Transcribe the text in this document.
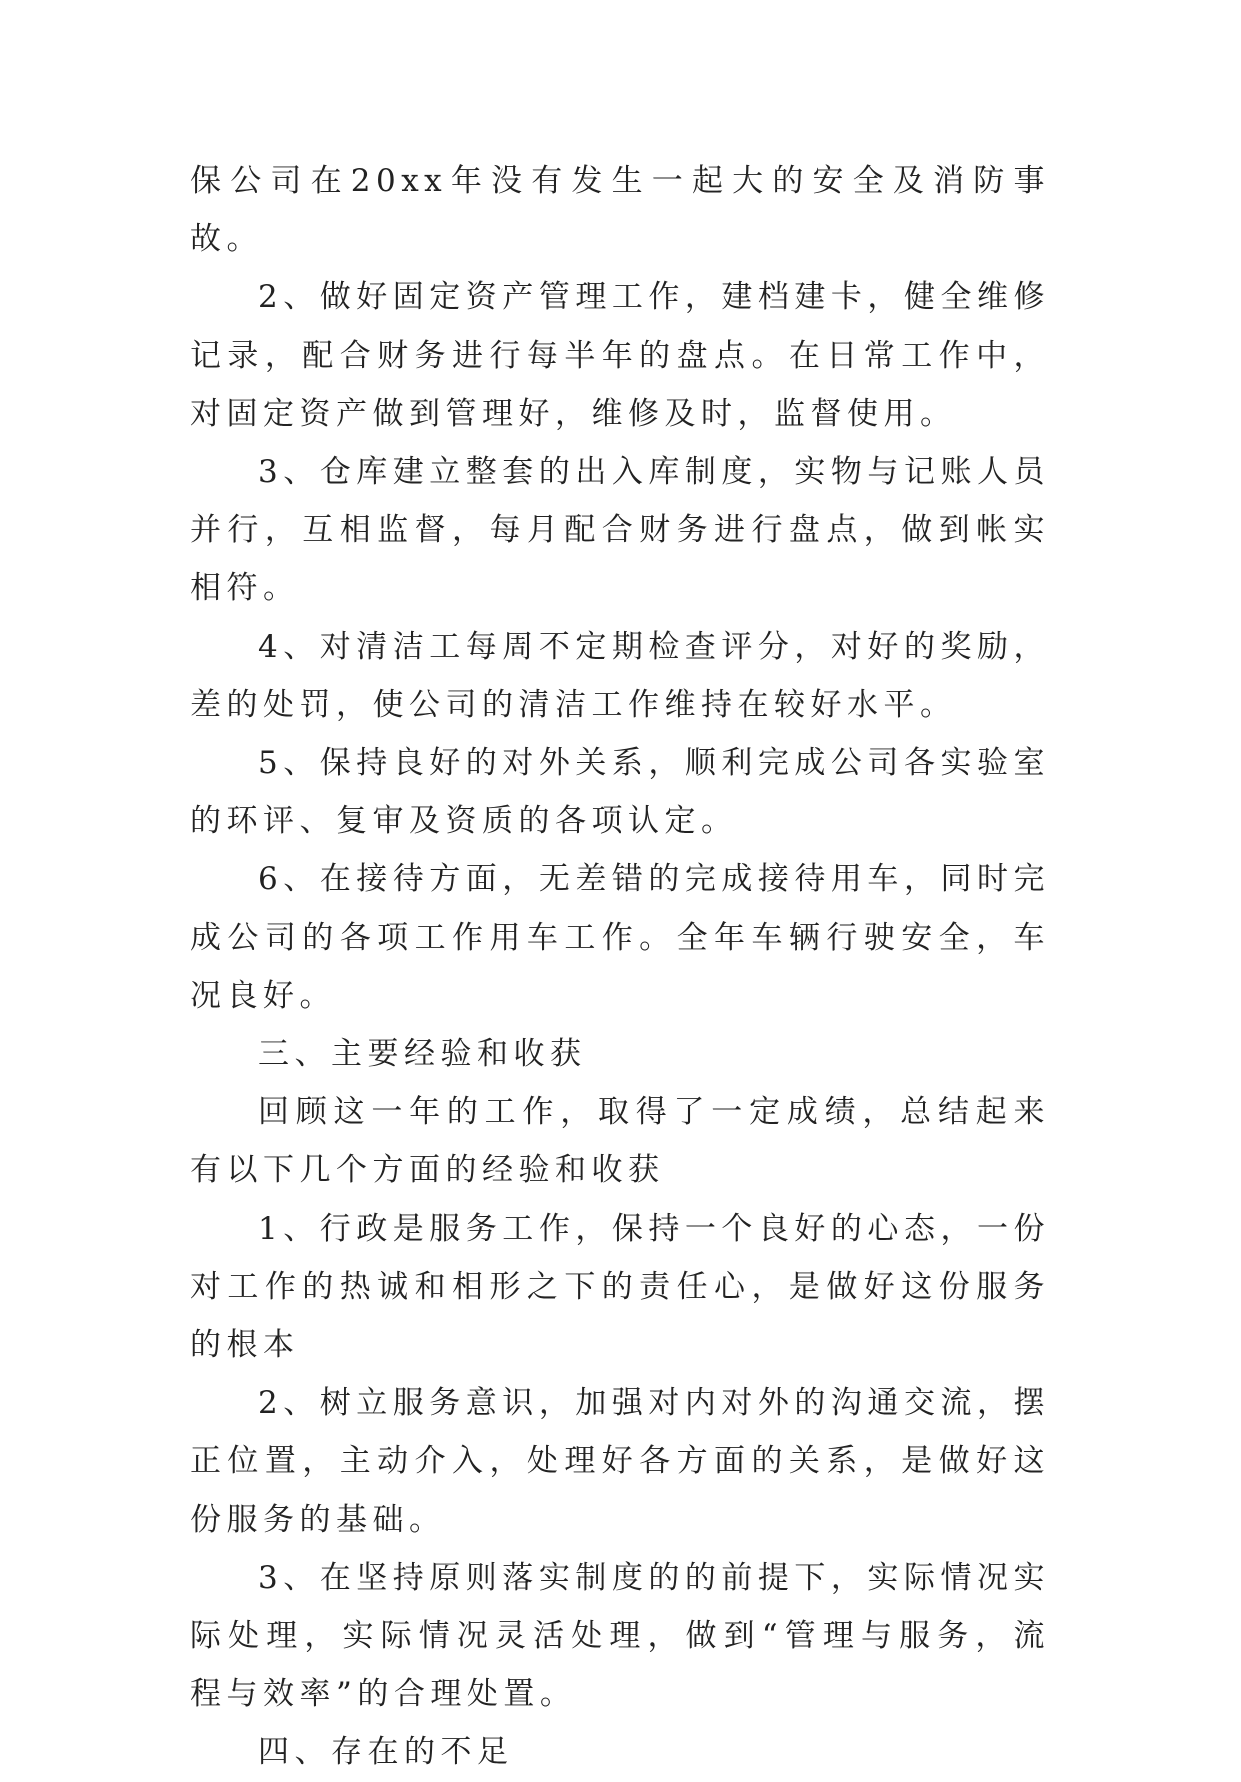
保公司在20xx年没有发生一起大的安全及消防事故。

2、做好固定资产管理工作，建档建卡，健全维修记录，配合财务进行每半年的盘点。在日常工作中，对固定资产做到管理好，维修及时，监督使用。

3、仓库建立整套的出入库制度，实物与记账人员并行，互相监督，每月配合财务进行盘点，做到帐实相符。

4、对清洁工每周不定期检查评分，对好的奖励，差的处罚，使公司的清洁工作维持在较好水平。

5、保持良好的对外关系，顺利完成公司各实验室的环评、复审及资质的各项认定。

6、在接待方面，无差错的完成接待用车，同时完成公司的各项工作用车工作。全年车辆行驶安全，车况良好。

三、主要经验和收获

回顾这一年的工作，取得了一定成绩，总结起来有以下几个方面的经验和收获

1、行政是服务工作，保持一个良好的心态，一份对工作的热诚和相形之下的责任心，是做好这份服务的根本

2、树立服务意识，加强对内对外的沟通交流，摆正位置，主动介入，处理好各方面的关系，是做好这份服务的基础。

3、在坚持原则落实制度的的前提下，实际情况实际处理，实际情况灵活处理，做到“管理与服务，流程与效率”的合理处置。

四、存在的不足
